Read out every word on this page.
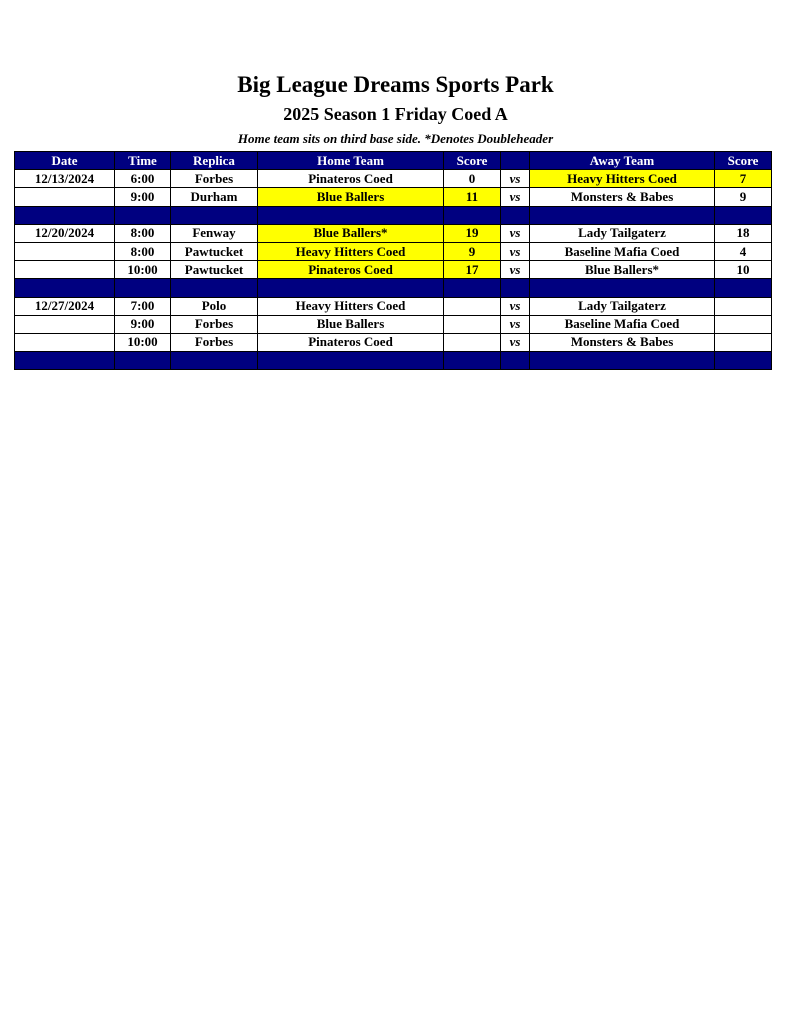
Big League Dreams Sports Park
2025 Season 1 Friday Coed A
Home team sits on third base side. *Denotes Doubleheader
Date	Time	Replica	Home Team	Score		Away Team	Score
12/13/2024	6:00	Forbes	Pinateros Coed	0	vs	Heavy Hitters Coed	7
	9:00	Durham	Blue Ballers	11	vs	Monsters & Babes	9

12/20/2024	8:00	Fenway	Blue Ballers*	19	vs	Lady Tailgaterz	18
	8:00	Pawtucket	Heavy Hitters Coed	9	vs	Baseline Mafia Coed	4
	10:00	Pawtucket	Pinateros Coed	17	vs	Blue Ballers*	10

12/27/2024	7:00	Polo	Heavy Hitters Coed		vs	Lady Tailgaterz	
	9:00	Forbes	Blue Ballers		vs	Baseline Mafia Coed	
	10:00	Forbes	Pinateros Coed		vs	Monsters & Babes	
